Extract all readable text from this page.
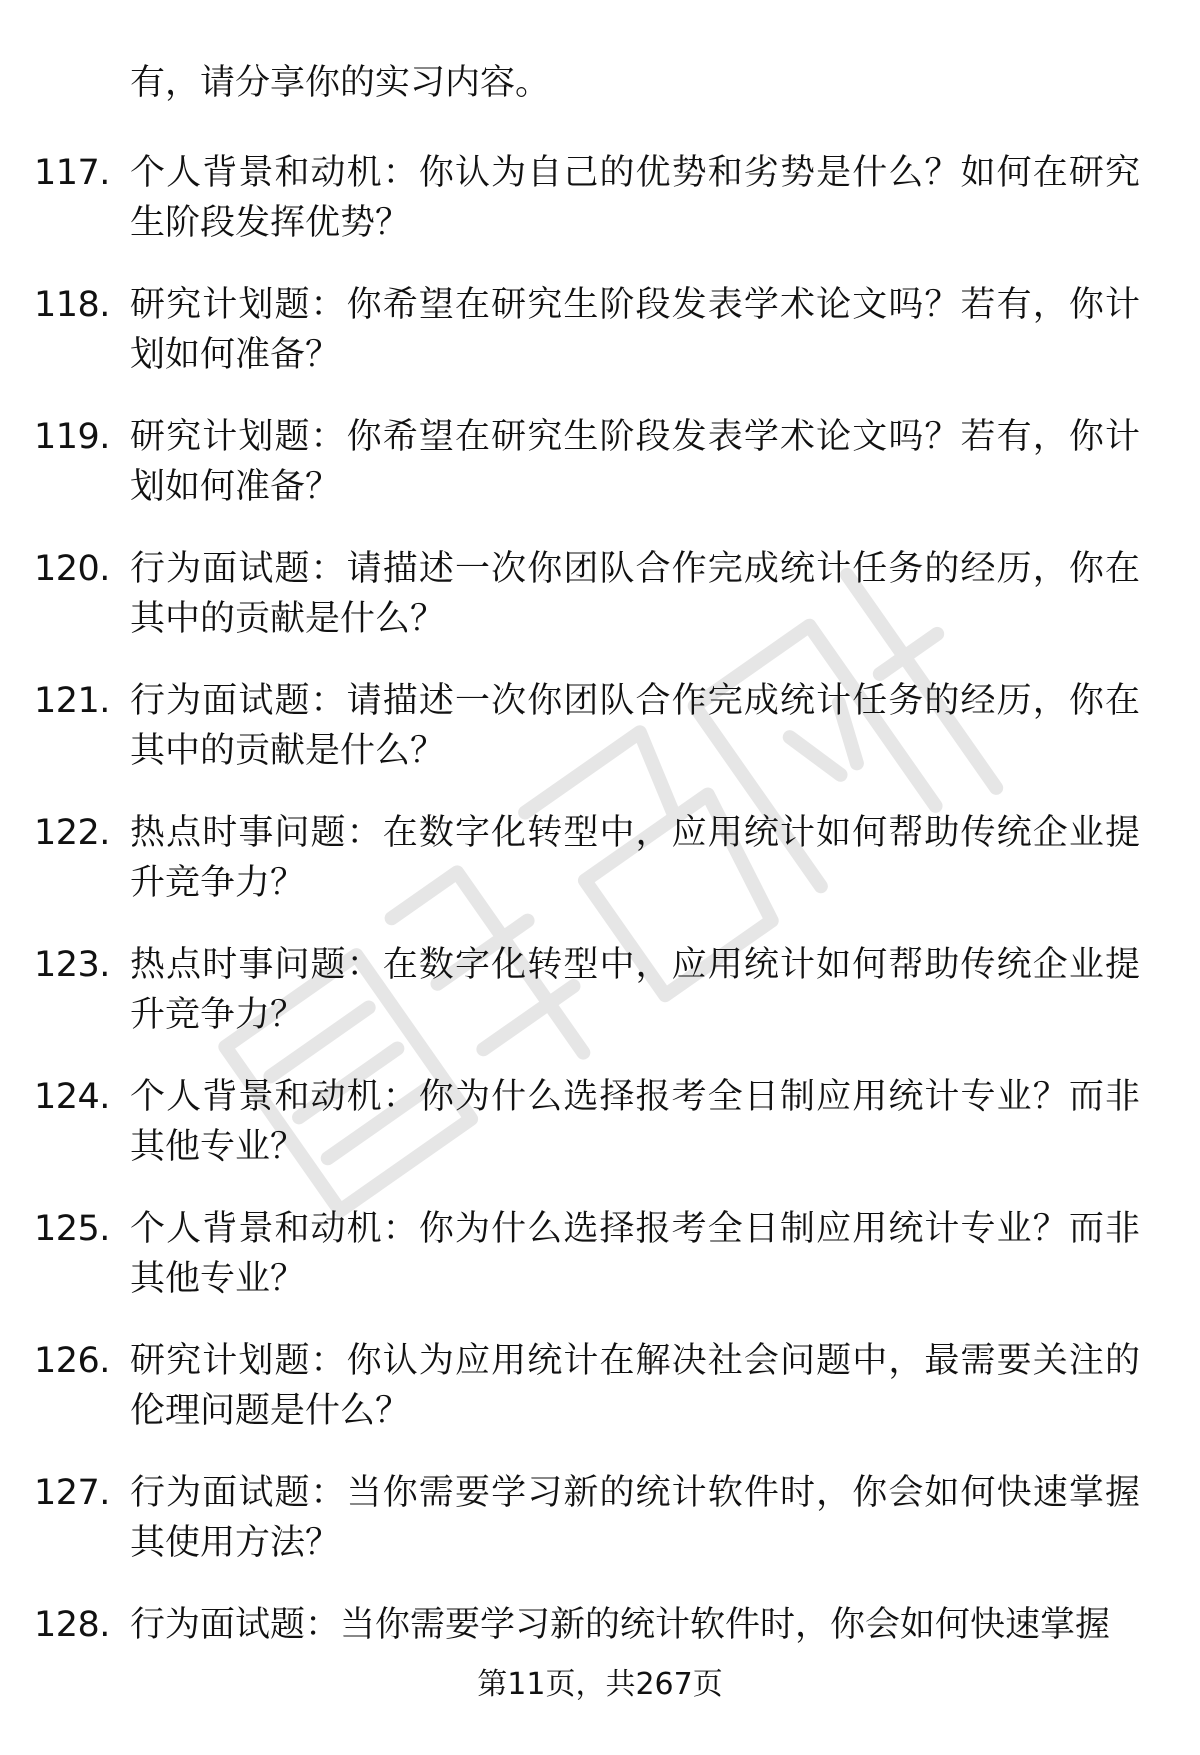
有，请分享你的实习内容。

117. 个人背景和动机：你认为自己的优势和劣势是什么？如何在研究生阶段发挥优势？
118. 研究计划题：你希望在研究生阶段发表学术论文吗？若有，你计划如何准备？
119. 研究计划题：你希望在研究生阶段发表学术论文吗？若有，你计划如何准备？
120. 行为面试题：请描述一次你团队合作完成统计任务的经历，你在其中的贡献是什么？
121. 行为面试题：请描述一次你团队合作完成统计任务的经历，你在其中的贡献是什么？
122. 热点时事问题：在数字化转型中，应用统计如何帮助传统企业提升竞争力？
123. 热点时事问题：在数字化转型中，应用统计如何帮助传统企业提升竞争力？
124. 个人背景和动机：你为什么选择报考全日制应用统计专业？而非其他专业？
125. 个人背景和动机：你为什么选择报考全日制应用统计专业？而非其他专业？
126. 研究计划题：你认为应用统计在解决社会问题中，最需要关注的伦理问题是什么？
127. 行为面试题：当你需要学习新的统计软件时，你会如何快速掌握其使用方法？
128. 行为面试题：当你需要学习新的统计软件时，你会如何快速掌握
第11页，共267页
